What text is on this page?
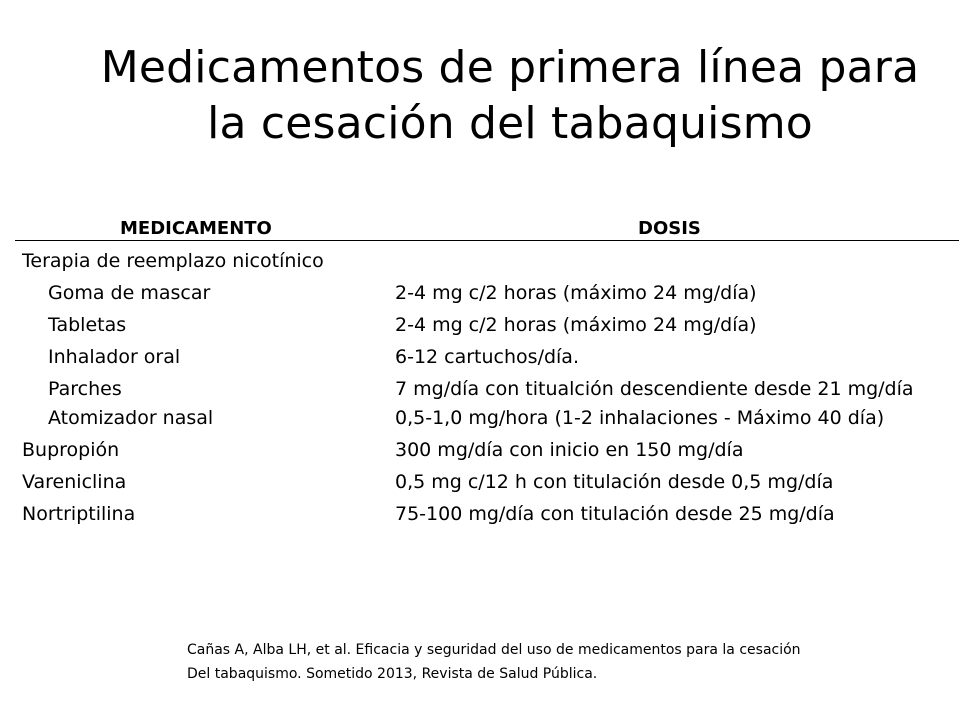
Medicamentos de primera línea para
la cesación del tabaquismo
MEDICAMENTO	DOSIS
Terapia de reemplazo nicotínico
Goma de mascar	2-4 mg c/2 horas (máximo 24 mg/día)
Tabletas	2-4 mg c/2 horas (máximo 24 mg/día)
Inhalador oral	6-12 cartuchos/día.
Parches	7 mg/día con titualción descendiente desde 21 mg/día
Atomizador nasal	0,5-1,0 mg/hora (1-2 inhalaciones - Máximo 40 día)
Bupropión	300 mg/día con inicio en 150 mg/día
Vareniclina	0,5 mg c/12 h con titulación desde 0,5 mg/día
Nortriptilina	75-100 mg/día con titulación desde 25 mg/día
Cañas A, Alba LH, et al. Eficacia y seguridad del uso de medicamentos para la cesación
Del tabaquismo. Sometido 2013, Revista de Salud Pública.
